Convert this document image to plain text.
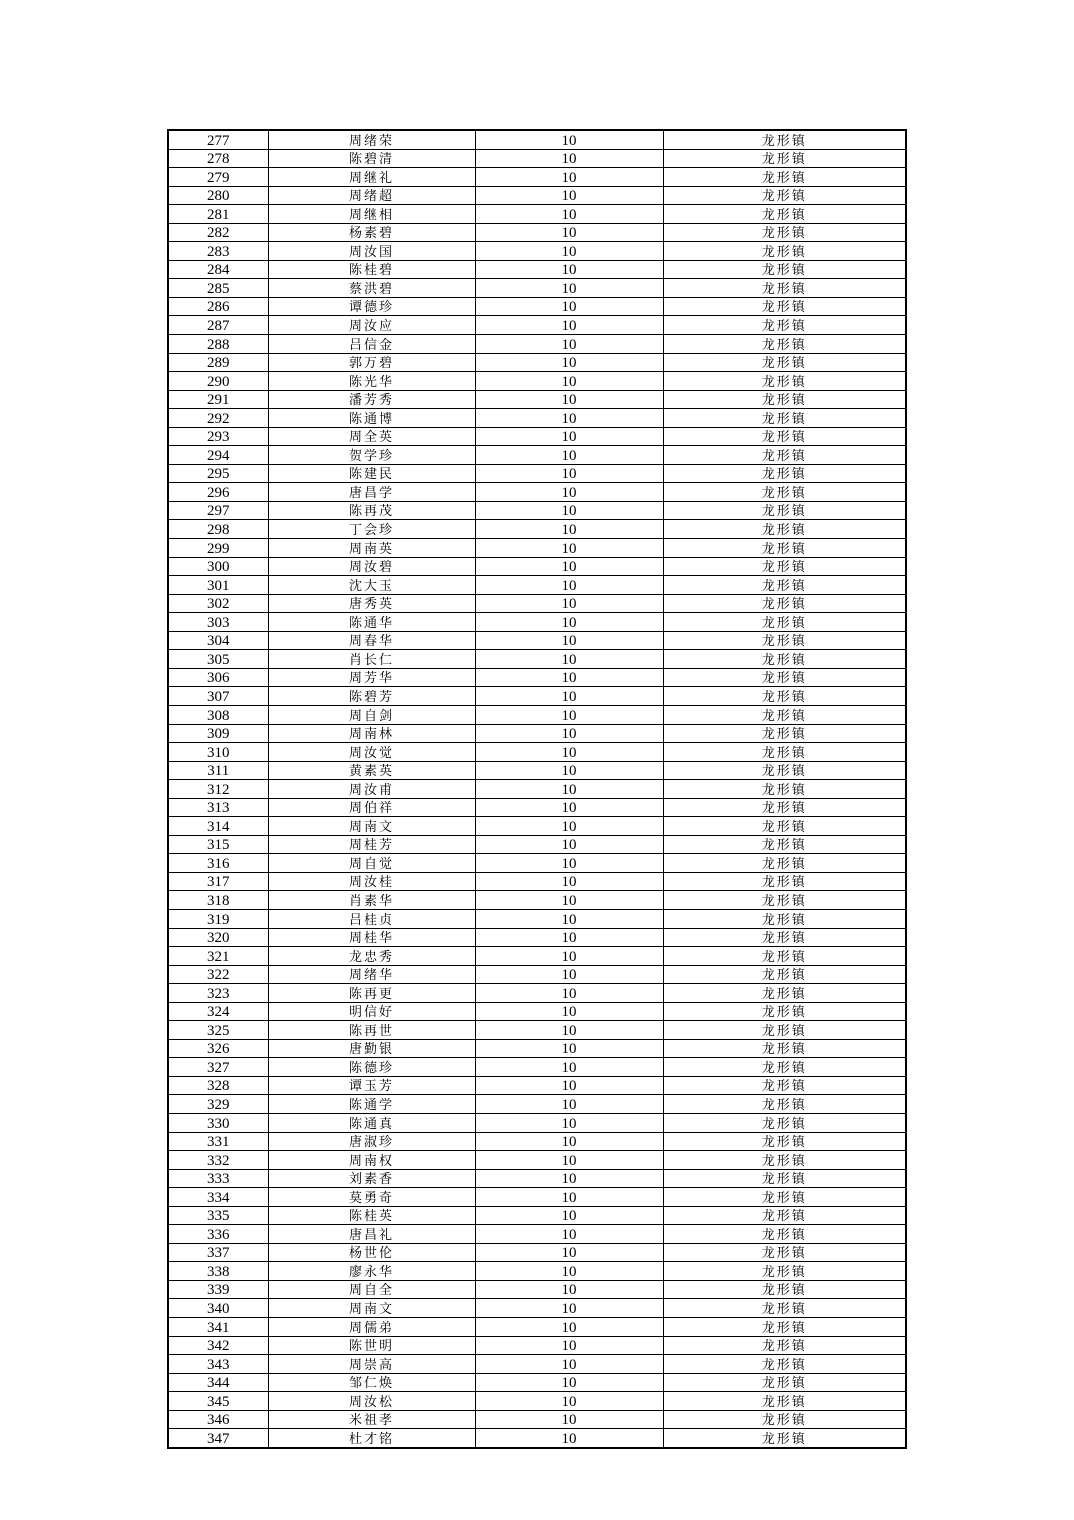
277	周绪荣	10	龙形镇
278	陈碧清	10	龙形镇
279	周继礼	10	龙形镇
280	周绪超	10	龙形镇
281	周继相	10	龙形镇
282	杨素碧	10	龙形镇
283	周汝国	10	龙形镇
284	陈桂碧	10	龙形镇
285	蔡洪碧	10	龙形镇
286	谭德珍	10	龙形镇
287	周汝应	10	龙形镇
288	吕信金	10	龙形镇
289	郭万碧	10	龙形镇
290	陈光华	10	龙形镇
291	潘芳秀	10	龙形镇
292	陈通博	10	龙形镇
293	周全英	10	龙形镇
294	贺学珍	10	龙形镇
295	陈建民	10	龙形镇
296	唐昌学	10	龙形镇
297	陈再茂	10	龙形镇
298	丁会珍	10	龙形镇
299	周南英	10	龙形镇
300	周汝碧	10	龙形镇
301	沈大玉	10	龙形镇
302	唐秀英	10	龙形镇
303	陈通华	10	龙形镇
304	周春华	10	龙形镇
305	肖长仁	10	龙形镇
306	周芳华	10	龙形镇
307	陈碧芳	10	龙形镇
308	周自剑	10	龙形镇
309	周南林	10	龙形镇
310	周汝觉	10	龙形镇
311	黄素英	10	龙形镇
312	周汝甫	10	龙形镇
313	周伯祥	10	龙形镇
314	周南文	10	龙形镇
315	周桂芳	10	龙形镇
316	周自觉	10	龙形镇
317	周汝桂	10	龙形镇
318	肖素华	10	龙形镇
319	吕桂贞	10	龙形镇
320	周桂华	10	龙形镇
321	龙忠秀	10	龙形镇
322	周绪华	10	龙形镇
323	陈再更	10	龙形镇
324	明信好	10	龙形镇
325	陈再世	10	龙形镇
326	唐勤银	10	龙形镇
327	陈德珍	10	龙形镇
328	谭玉芳	10	龙形镇
329	陈通学	10	龙形镇
330	陈通真	10	龙形镇
331	唐淑珍	10	龙形镇
332	周南权	10	龙形镇
333	刘素香	10	龙形镇
334	莫勇奇	10	龙形镇
335	陈桂英	10	龙形镇
336	唐昌礼	10	龙形镇
337	杨世伦	10	龙形镇
338	廖永华	10	龙形镇
339	周自全	10	龙形镇
340	周南文	10	龙形镇
341	周儒弟	10	龙形镇
342	陈世明	10	龙形镇
343	周崇高	10	龙形镇
344	邹仁焕	10	龙形镇
345	周汝松	10	龙形镇
346	米祖孝	10	龙形镇
347	杜才铭	10	龙形镇
